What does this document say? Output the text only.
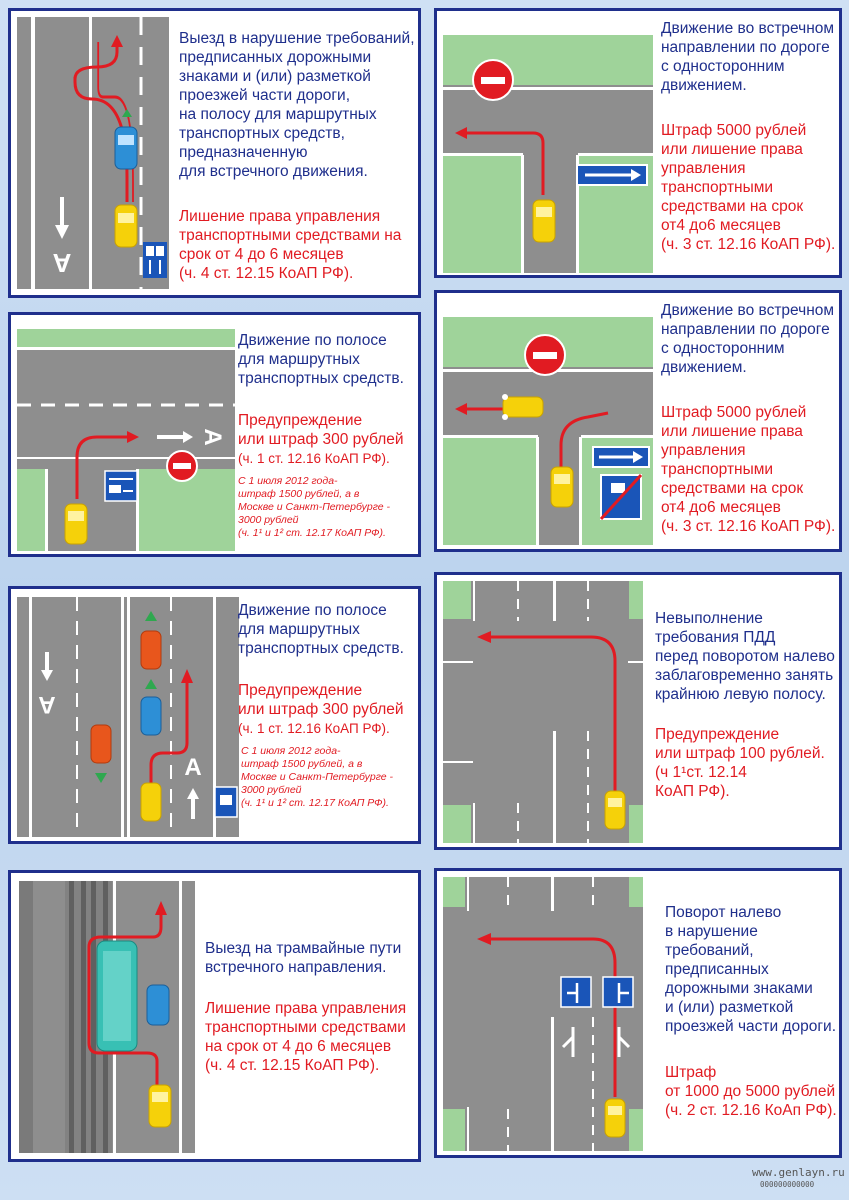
A
Выезд в нарушение требований,
предписанных дорожными
знаками и (или) разметкой
проезжей части дороги,
на полосу для маршрутных
транспортных средств,
предназначенную
для встречного движения.
Лишение права управления
транспортными средствами на
срок от 4 до 6 месяцев
(ч. 4 ст. 12.15 КоАП РФ).
Движение во встречном
направлении по дороге
с односторонним
движением.
Штраф 5000 рублей
или лишение права
управления
транспортными
средствами на срок
от4 до6 месяцев
(ч. 3 ст. 12.16 КоАП РФ).
A
Движение по полосе
для маршрутных
транспортных средств.
Предупреждение
или штраф 300 рублей
(ч. 1 ст. 12.16 КоАП РФ).
С 1 июля 2012 года-
штраф 1500 рублей, а в
Москве и Санкт-Петербурге -
3000 рублей
(ч. 1¹ и 1² ст. 12.17 КоАП РФ).
Движение во встречном
направлении по дороге
с односторонним
движением.
Штраф 5000 рублей
или лишение права
управления
транспортными
средствами на срок
от4 до6 месяцев
(ч. 3 ст. 12.16 КоАП РФ).
A
A
Движение по полосе
для маршрутных
транспортных средств.
Предупреждение
или штраф 300 рублей
(ч. 1 ст. 12.16 КоАП РФ).
С 1 июля 2012 года-
штраф 1500 рублей, а в
Москве и Санкт-Петербурге -
3000 рублей
(ч. 1¹ и 1² ст. 12.17 КоАП РФ).
Невыполнение
требования ПДД
перед поворотом налево
заблаговременно занять
крайнюю левую полосу.
Предупреждение
или штраф 100 рублей.
(ч 1¹ст. 12.14
КоАП РФ).
Выезд на трамвайные пути
встречного направления.
Лишение права управления
транспортными средствами
на срок от 4 до 6 месяцев
(ч. 4 ст. 12.15 КоАП РФ).
Поворот налево
в нарушение
требований,
предписанных
дорожными знаками
и (или) разметкой
проезжей части дороги.
Штраф
от 1000 до 5000 рублей
(ч. 2 ст. 12.16 КоАп РФ).
www.genlayn.ru
000000000000
